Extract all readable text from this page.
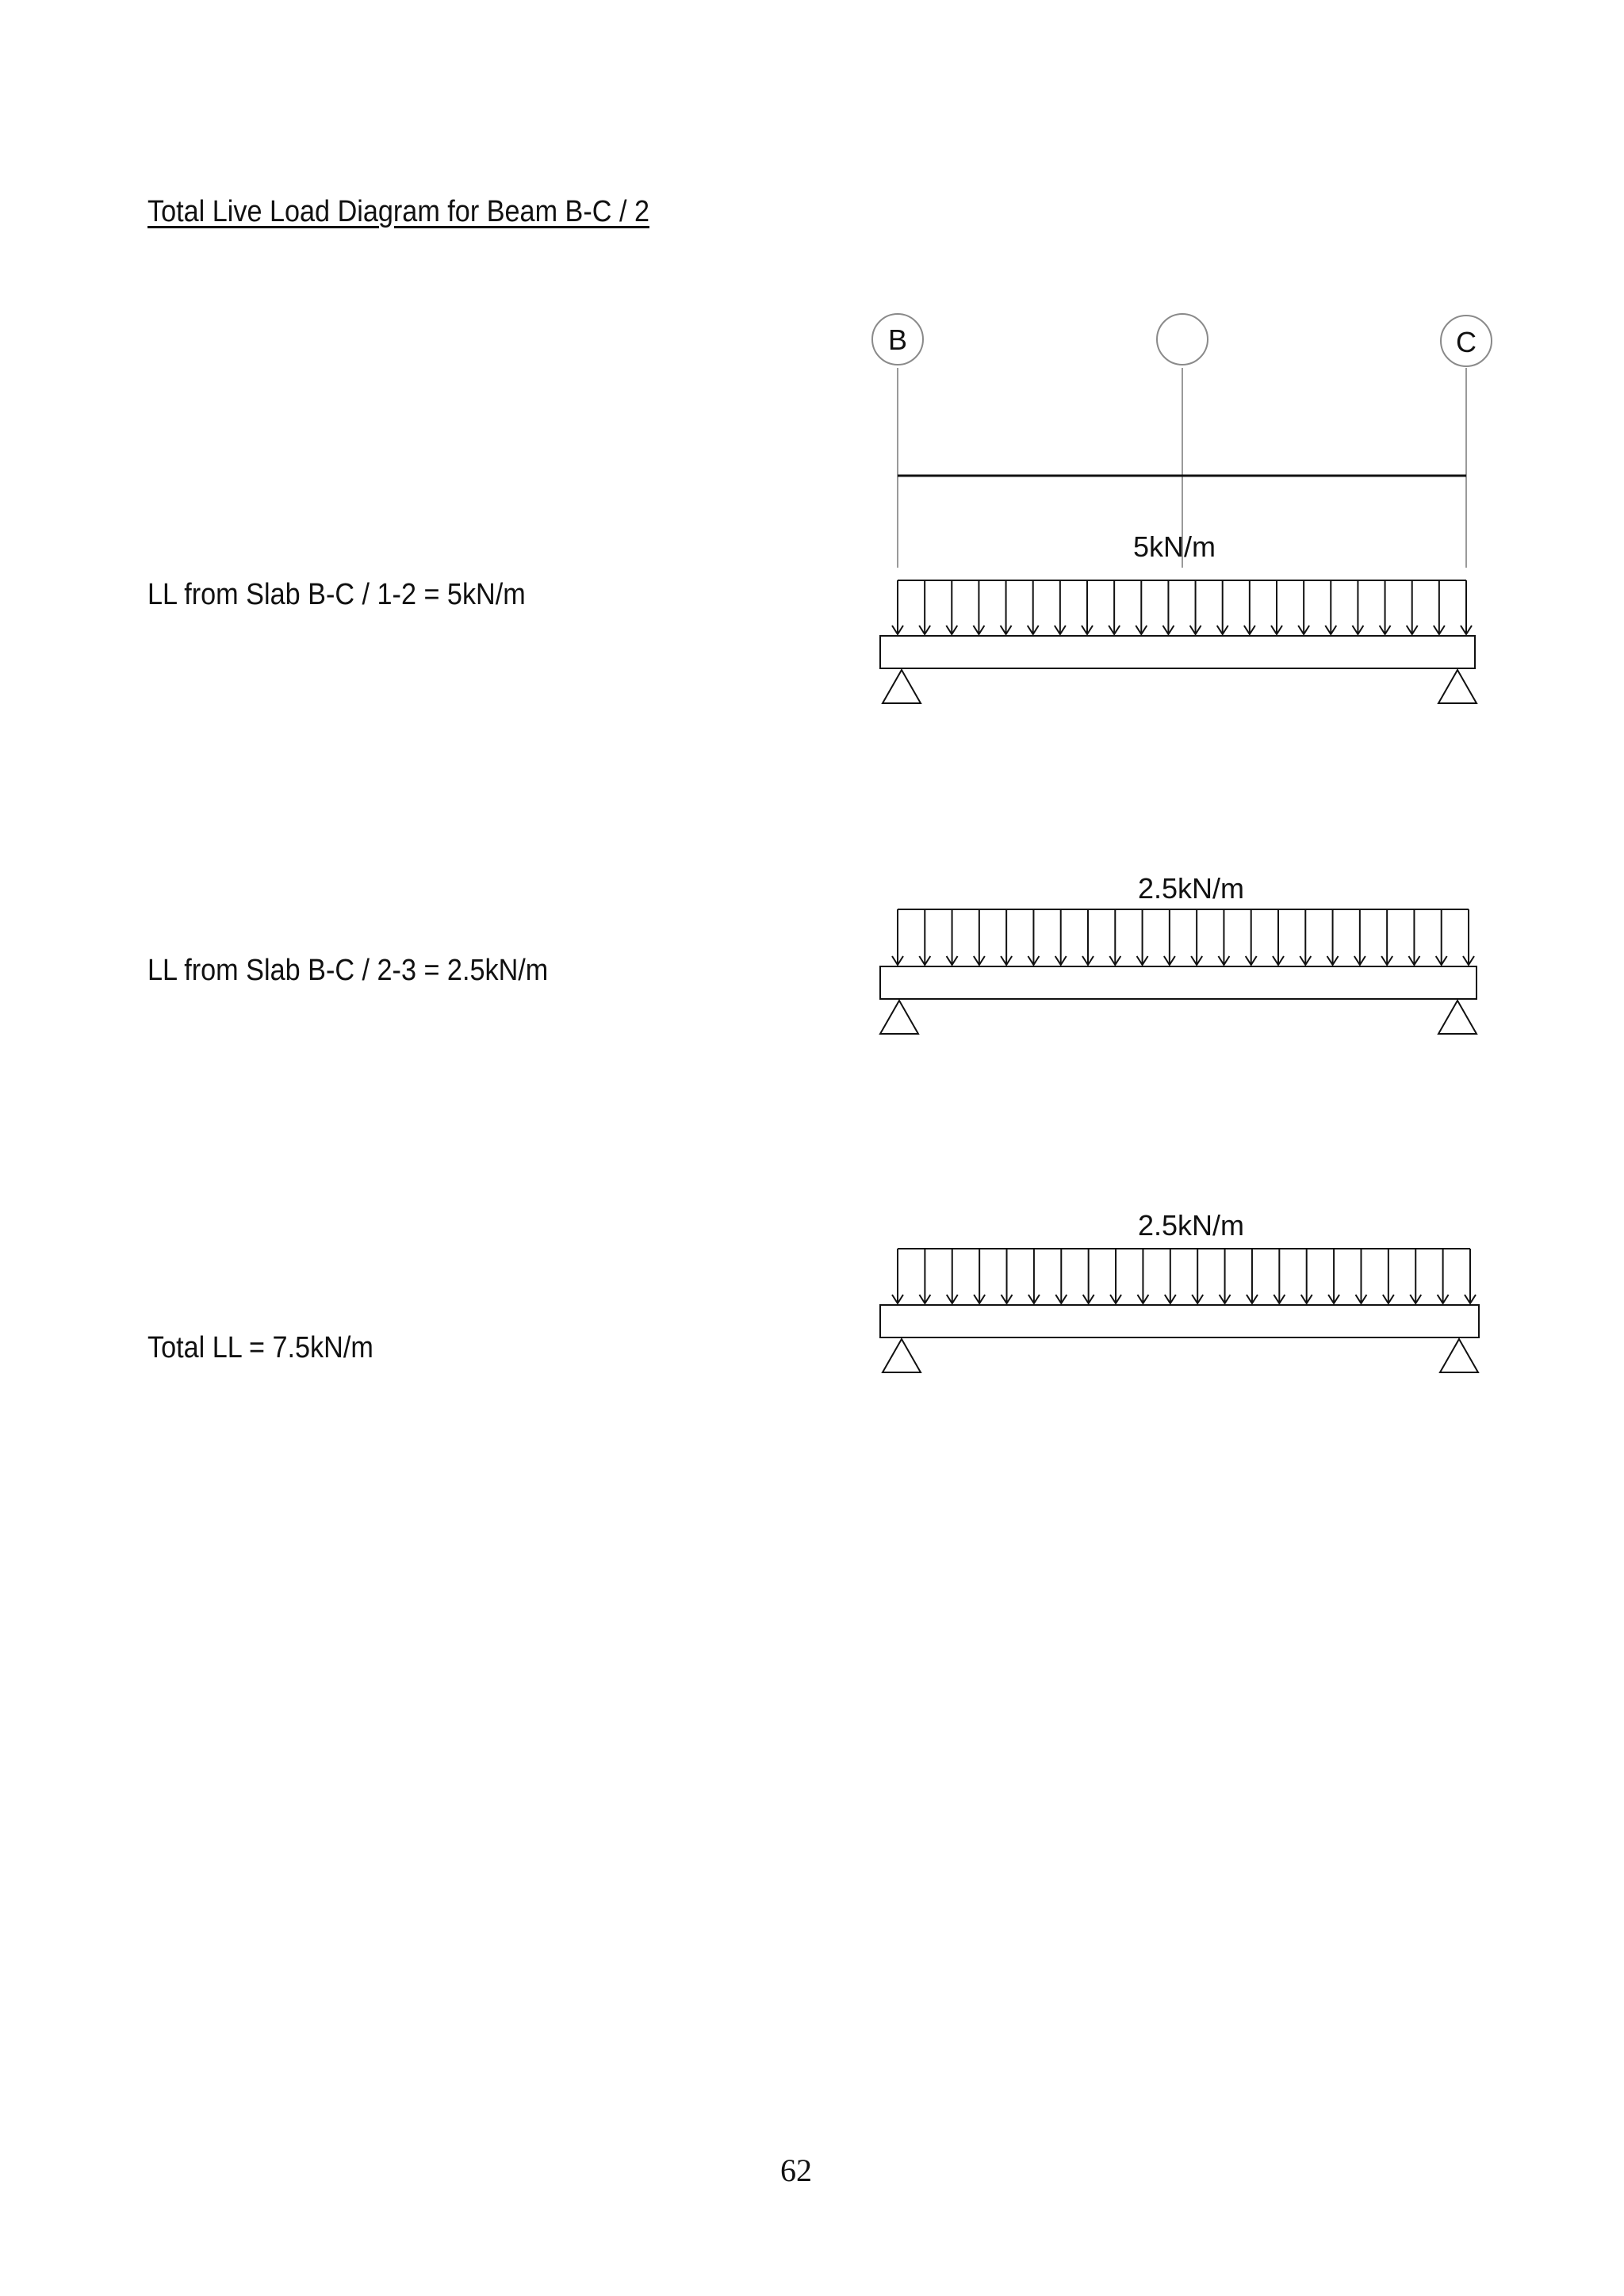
Total Live Load Diagram for Beam B-C / 2
LL from Slab B-C / 1-2 = 5kN/m
LL from Slab B-C / 2-3 = 2.5kN/m
Total LL = 7.5kN/m
B	C
5kN/m
2.5kN/m
2.5kN/m
62
